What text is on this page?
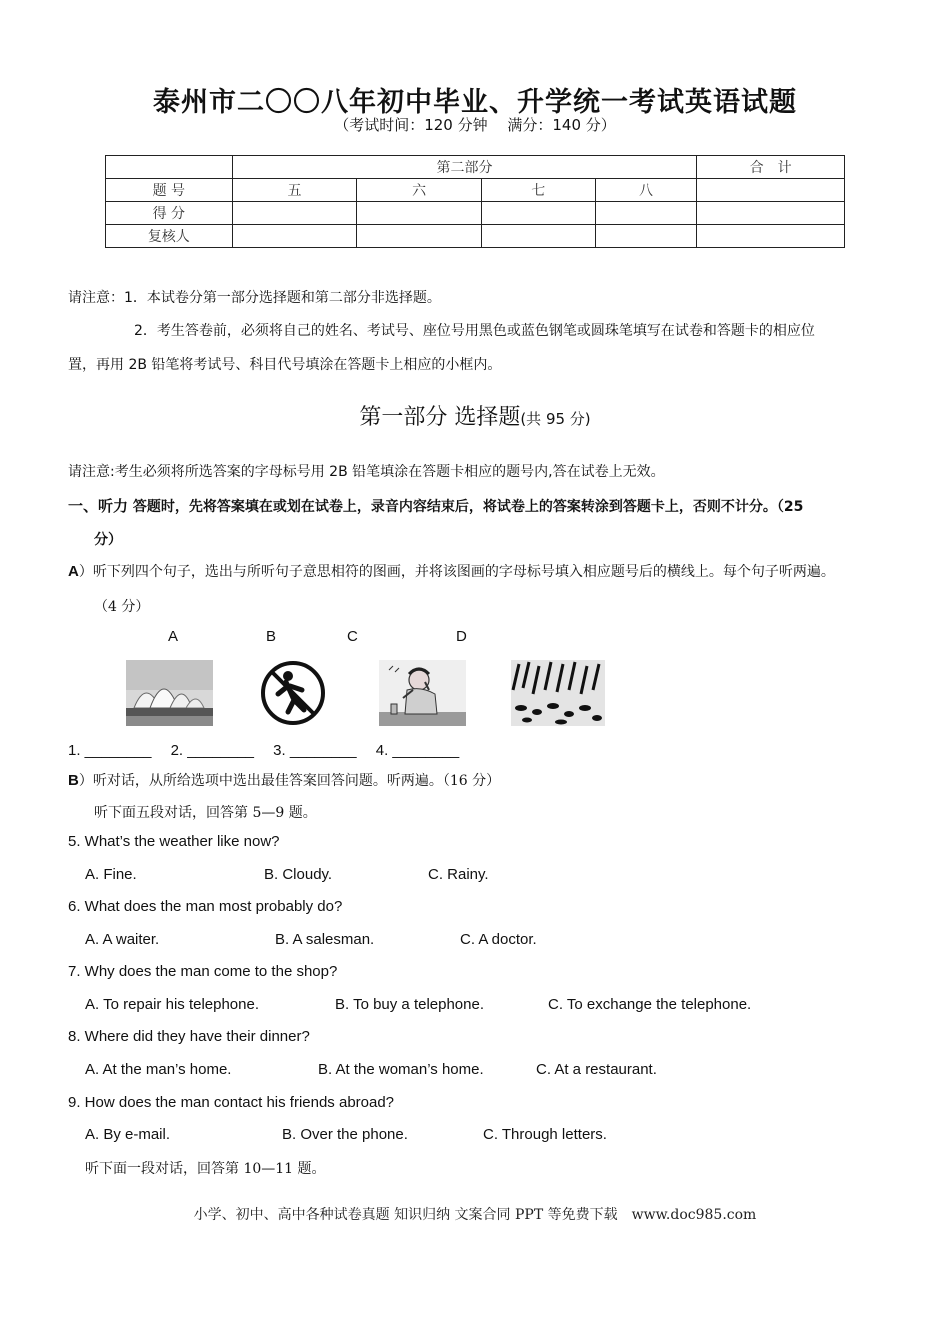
泰州市二〇〇八年初中毕业、升学统一考试英语试题
（考试时间：120 分钟　 满分：140 分）
	第二部分				合　计
题 号	五	六	七	八	
得 分					
复核人					
请注意：1．本试卷分第一部分选择题和第二部分非选择题。
2．考生答卷前，必须将自己的姓名、考试号、座位号用黑色或蓝色钢笔或圆珠笔填写在试卷和答题卡的相应位
置，再用 2B 铅笔将考试号、科目代号填涂在答题卡上相应的小框内。
第一部分 选择题(共 95 分)
请注意:考生必须将所选答案的字母标号用 2B 铅笔填涂在答题卡相应的题号内,答在试卷上无效。
一、听力 答题时，先将答案填在或划在试卷上，录音内容结束后，将试卷上的答案转涂到答题卡上，否则不计分。（25
分）
A）听下列四个句子，选出与所听句子意思相符的图画，并将该图画的字母标号填入相应题号后的横线上。每个句子听两遍。
（4 分）
A	B	C	D
1. ________　 2. ________　 3. ________　 4. ________
B）听对话，从所给选项中选出最佳答案回答问题。听两遍。（16 分）
听下面五段对话，回答第 5—9 题。
5. What’s the weather like now?
A. Fine.	B. Cloudy.	C. Rainy.
6. What does the man most probably do?
A. A waiter.	B. A salesman.	C. A doctor.
7. Why does the man come to the shop?
A. To repair his telephone.	B. To buy a telephone.	C. To exchange the telephone.
8. Where did they have their dinner?
A. At the man’s home.	B. At the woman’s home.	C. At a restaurant.
9. How does the man contact his friends abroad?
A. By e-mail.	B. Over the phone.	C. Through letters.
听下面一段对话，回答第 10—11 题。
小学、初中、高中各种试卷真题 知识归纳 文案合同 PPT 等免费下载　www.doc985.com
